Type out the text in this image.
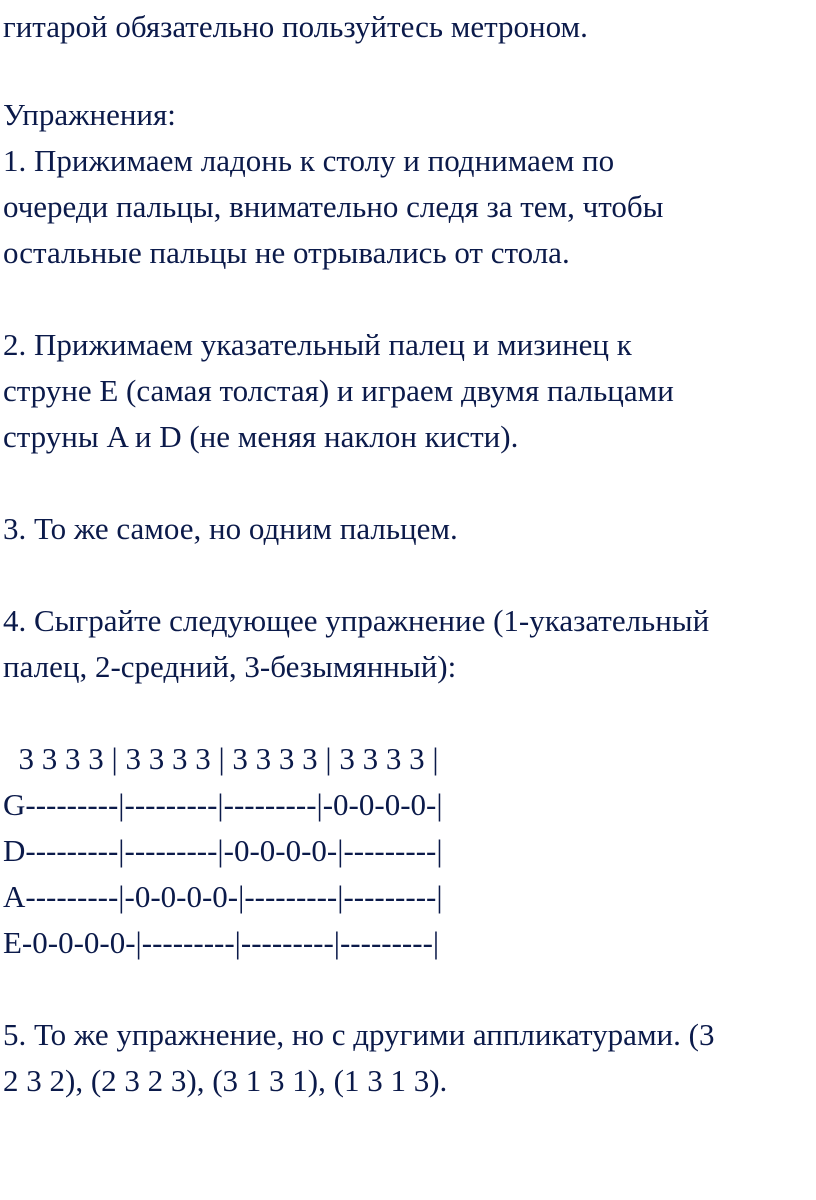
гитарой обязательно пользуйтесь метроном.

Упражнения:

1. Прижимаем ладонь к столу и поднимаем по

очереди пальцы, внимательно следя за тем, чтобы

остальные пальцы не отрывались от стола.

2. Прижимаем указательный палец и мизинец к

струне E (самая толстая) и играем двумя пальцами

струны A и D (не меняя наклон кисти).

3. То же самое, но одним пальцем.

4. Сыграйте следующее упражнение (1-указательный

палец, 2-средний, 3-безымянный):

3 3 3 3 | 3 3 3 3 | 3 3 3 3 | 3 3 3 3 |

G---------|---------|---------|-0-0-0-0-|

D---------|---------|-0-0-0-0-|---------|

A---------|-0-0-0-0-|---------|---------|

E-0-0-0-0-|---------|---------|---------|

5. То же упражнение, но с другими аппликатурами. (3

2 3 2), (2 3 2 3), (3 1 3 1), (1 3 1 3).
